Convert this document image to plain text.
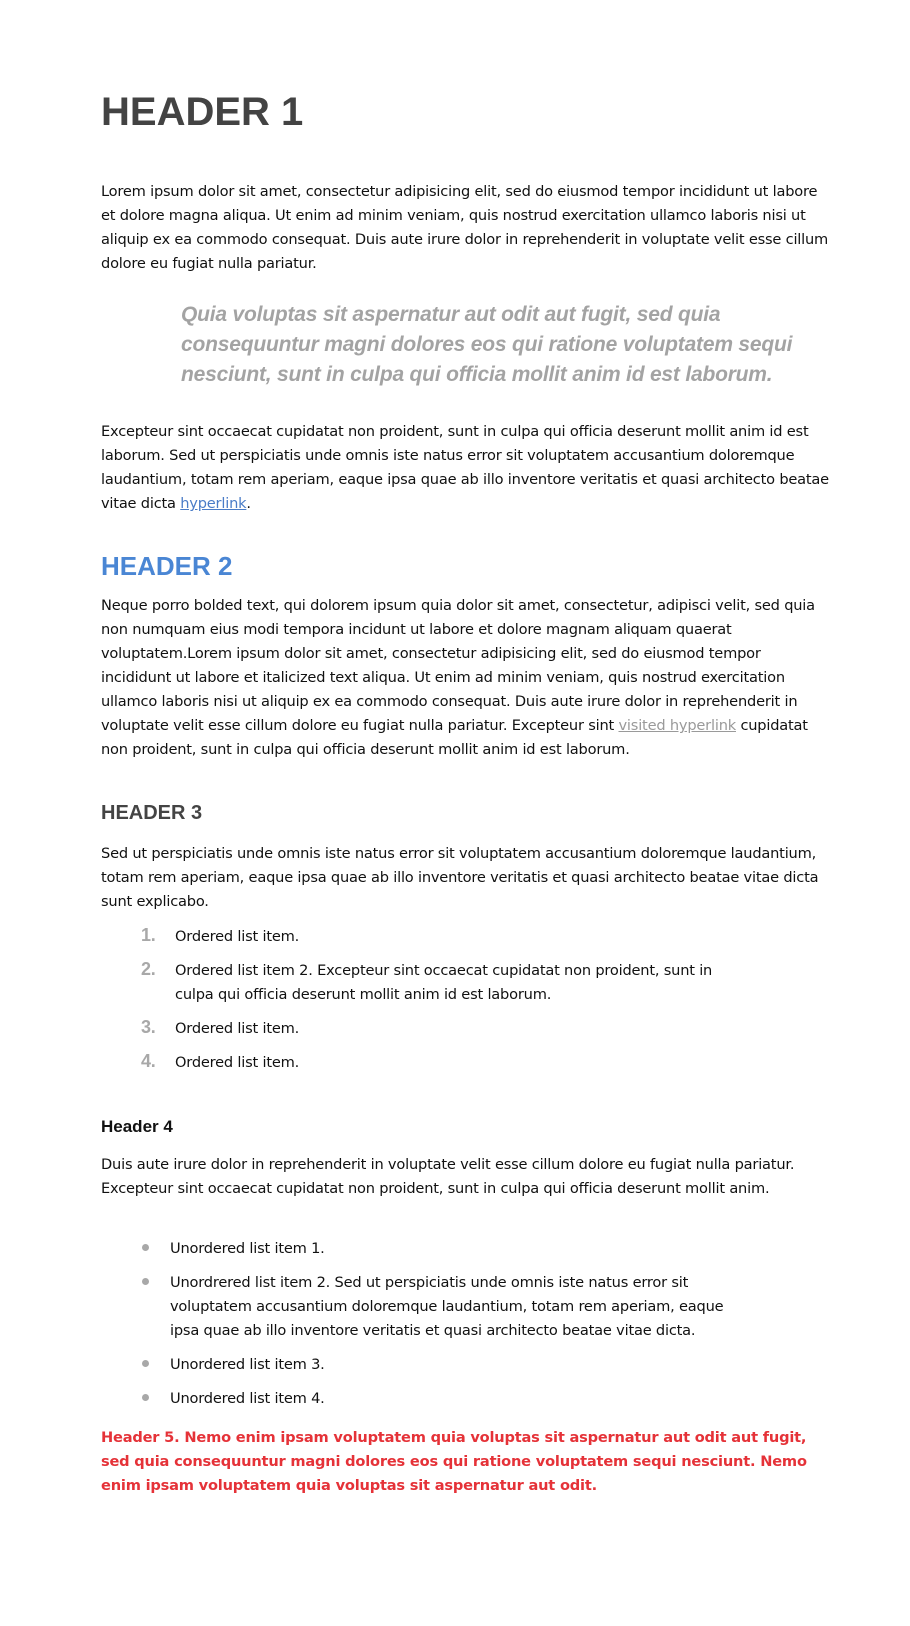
HEADER 1

Lorem ipsum dolor sit amet, consectetur adipisicing elit, sed do eiusmod tempor incididunt ut labore et dolore magna aliqua. Ut enim ad minim veniam, quis nostrud exercitation ullamco laboris nisi ut aliquip ex ea commodo consequat. Duis aute irure dolor in reprehenderit in voluptate velit esse cillum dolore eu fugiat nulla pariatur.

Quia voluptas sit aspernatur aut odit aut fugit, sed quia consequuntur magni dolores eos qui ratione voluptatem sequi nesciunt, sunt in culpa qui officia mollit anim id est laborum.

Excepteur sint occaecat cupidatat non proident, sunt in culpa qui officia deserunt mollit anim id est laborum. Sed ut perspiciatis unde omnis iste natus error sit voluptatem accusantium doloremque laudantium, totam rem aperiam, eaque ipsa quae ab illo inventore veritatis et quasi architecto beatae vitae dicta hyperlink.

HEADER 2

Neque porro bolded text, qui dolorem ipsum quia dolor sit amet, consectetur, adipisci velit, sed quia non numquam eius modi tempora incidunt ut labore et dolore magnam aliquam quaerat voluptatem.Lorem ipsum dolor sit amet, consectetur adipisicing elit, sed do eiusmod tempor incididunt ut labore et italicized text aliqua. Ut enim ad minim veniam, quis nostrud exercitation ullamco laboris nisi ut aliquip ex ea commodo consequat. Duis aute irure dolor in reprehenderit in voluptate velit esse cillum dolore eu fugiat nulla pariatur. Excepteur sint visited hyperlink cupidatat non proident, sunt in culpa qui officia deserunt mollit anim id est laborum.

HEADER 3

Sed ut perspiciatis unde omnis iste natus error sit voluptatem accusantium doloremque laudantium, totam rem aperiam, eaque ipsa quae ab illo inventore veritatis et quasi architecto beatae vitae dicta sunt explicabo.

1. Ordered list item.
2. Ordered list item 2. Excepteur sint occaecat cupidatat non proident, sunt in culpa qui officia deserunt mollit anim id est laborum.
3. Ordered list item.
4. Ordered list item.
Header 4

Duis aute irure dolor in reprehenderit in voluptate velit esse cillum dolore eu fugiat nulla pariatur. Excepteur sint occaecat cupidatat non proident, sunt in culpa qui officia deserunt mollit anim.

Unordered list item 1.
Unordrered list item 2. Sed ut perspiciatis unde omnis iste natus error sit voluptatem accusantium doloremque laudantium, totam rem aperiam, eaque ipsa quae ab illo inventore veritatis et quasi architecto beatae vitae dicta.
Unordered list item 3.
Unordered list item 4.
Header 5. Nemo enim ipsam voluptatem quia voluptas sit aspernatur aut odit aut fugit, sed quia consequuntur magni dolores eos qui ratione voluptatem sequi nesciunt. Nemo enim ipsam voluptatem quia voluptas sit aspernatur aut odit.
